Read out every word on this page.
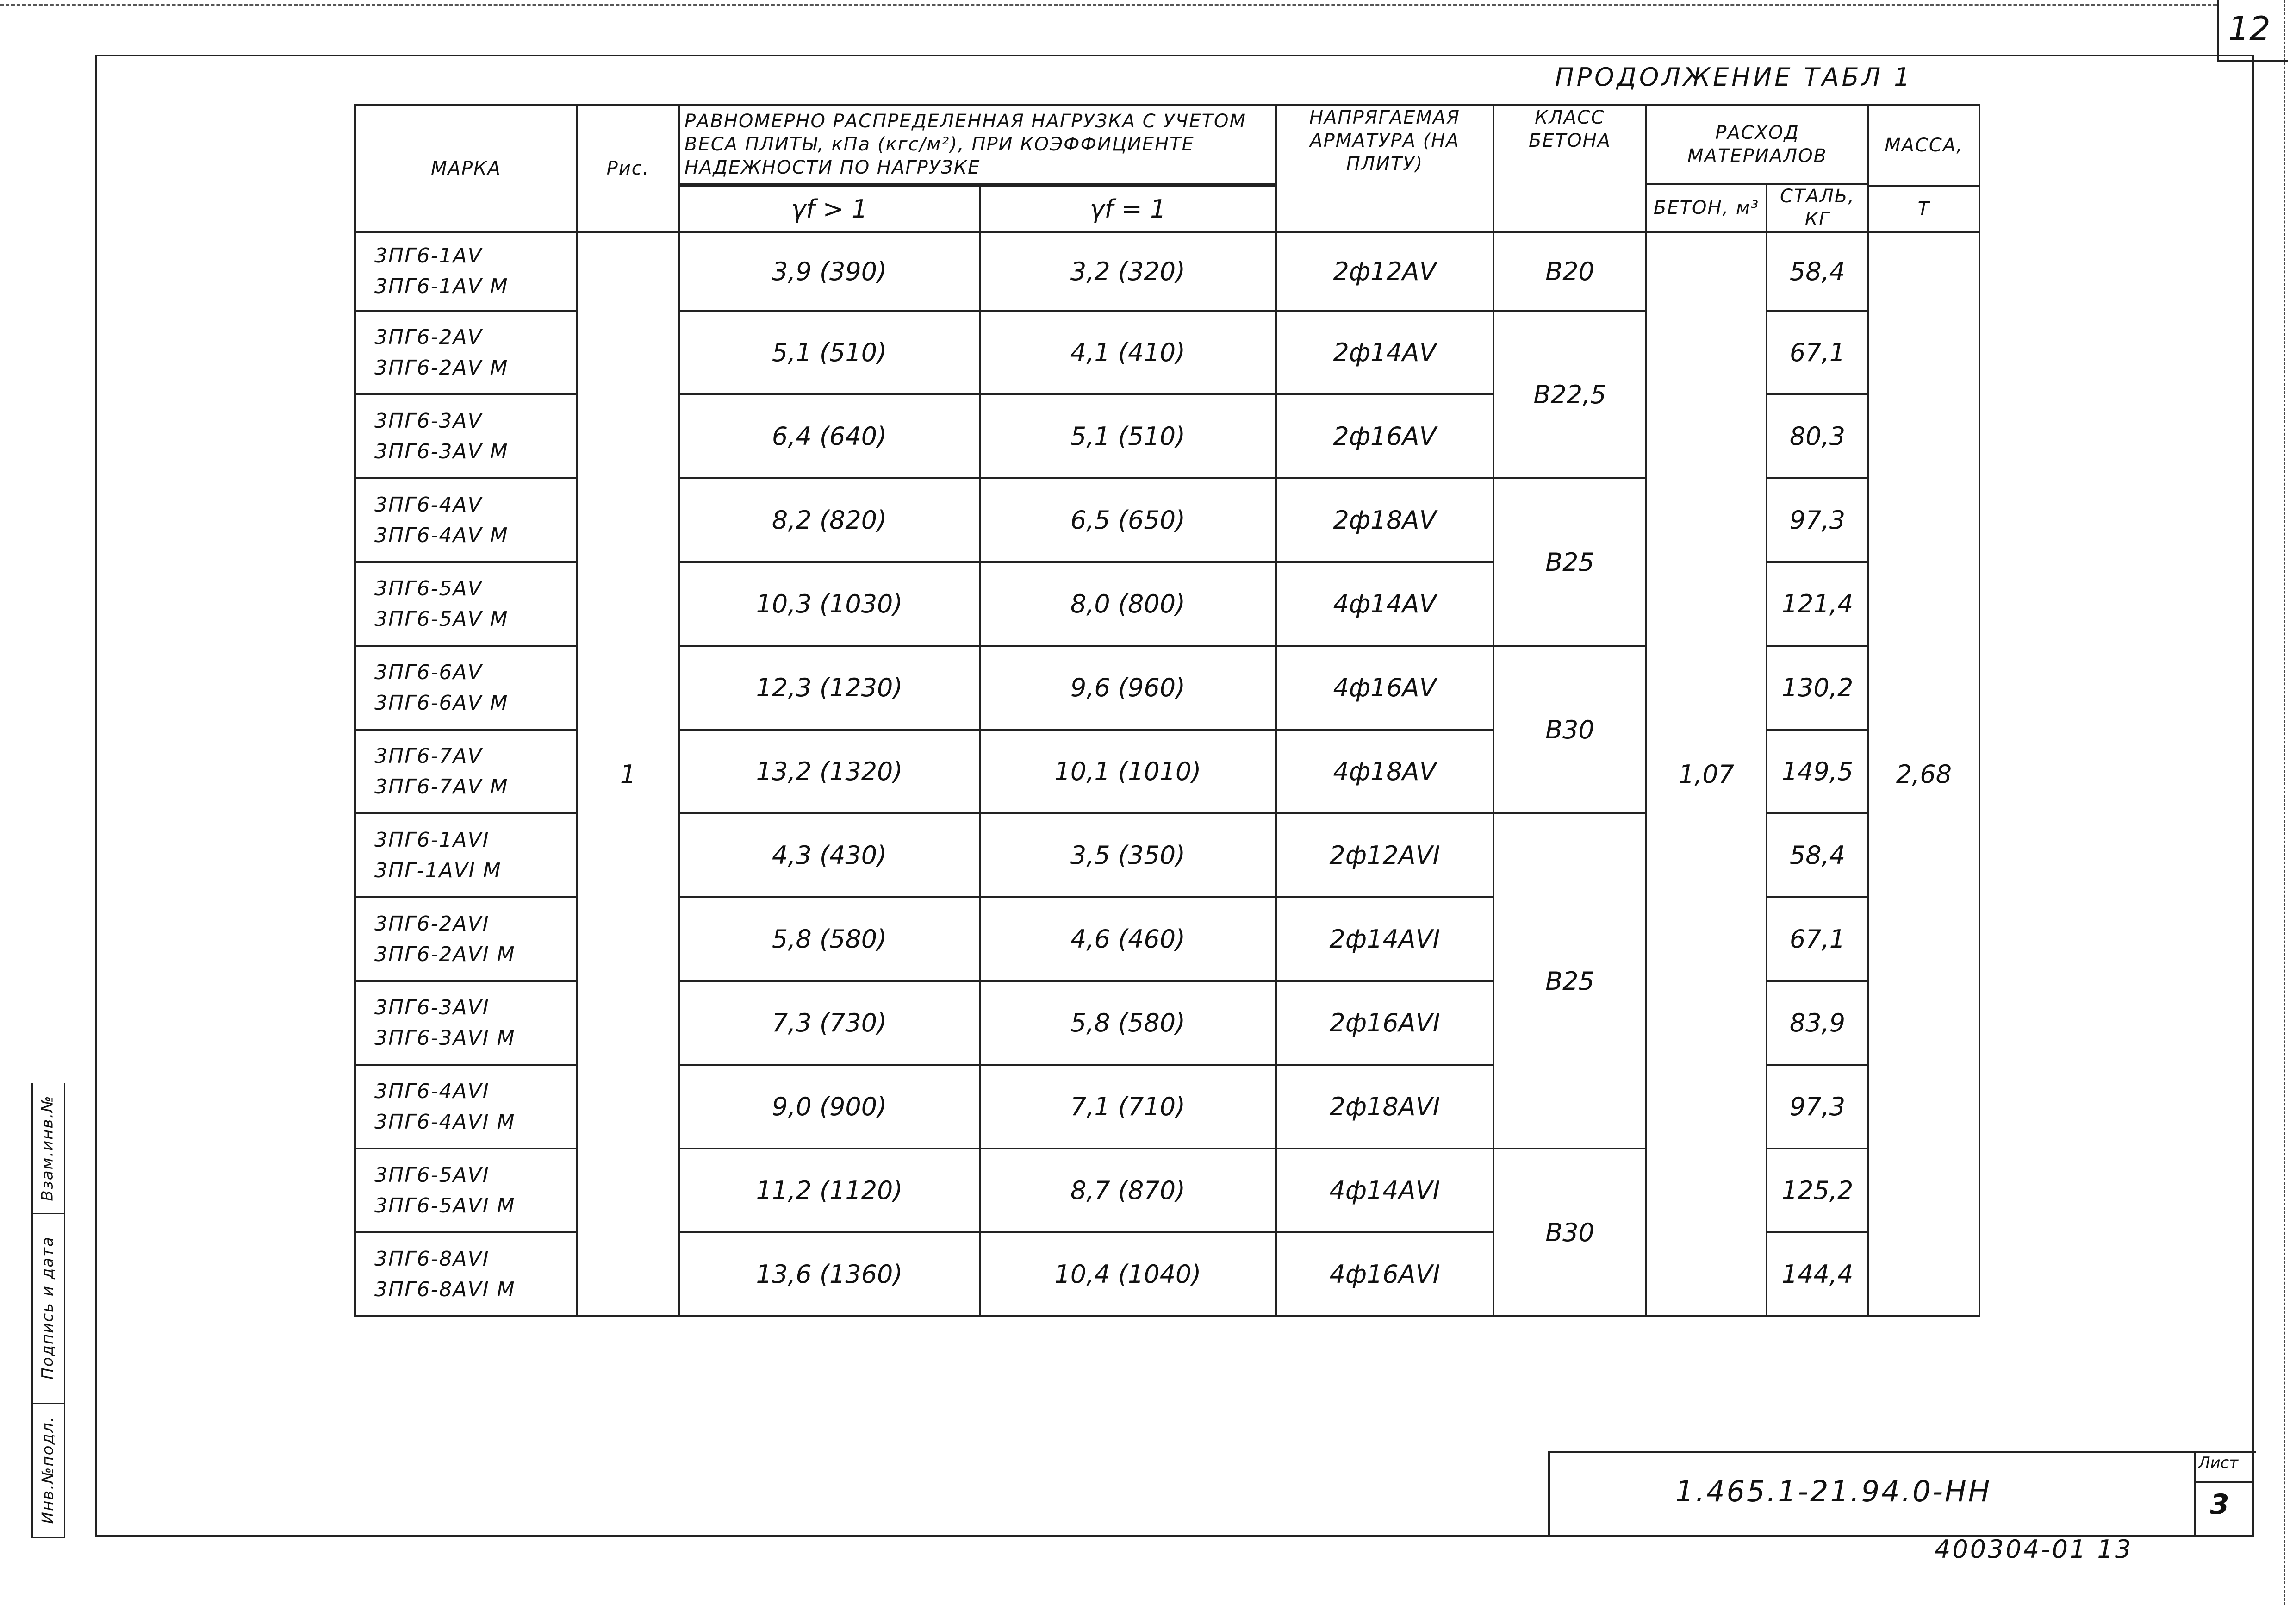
12
ПРОДОЛЖЕНИЕ ТАБЛ 1
МАРКА	Рис.	РАВНОМЕРНО РАСПРЕДЕЛЕННАЯ НАГРУЗКА С УЧЕТОМ ВЕСА ПЛИТЫ, кПа (кгс/м²), ПРИ КОЭФФИЦИЕНТЕ НАДЕЖНОСТИ ПО НАГРУЗКЕ		НАПРЯГАЕМАЯ АРМАТУРА (НА ПЛИТУ)	КЛАСС БЕТОНА	РАСХОД МАТЕРИАЛОВ		МАССА,
						БЕТОН, м³	СТАЛЬ, КГ	
		γf > 1	γf = 1					Т

3ПГ6-1АV
3ПГ6-1АV М	1	3,9 (390)	3,2 (320)	2ф12АV	В20	1,07	58,4	2,68

3ПГ6-2АV
3ПГ6-2АV М		5,1 (510)	4,1 (410)	2ф14АV	В22,5		67,1	

3ПГ6-3АV
3ПГ6-3АV М		6,4 (640)	5,1 (510)	2ф16АV			80,3	

3ПГ6-4АV
3ПГ6-4АV М		8,2 (820)	6,5 (650)	2ф18АV	В25		97,3	

3ПГ6-5АV
3ПГ6-5АV М		10,3 (1030)	8,0 (800)	4ф14АV			121,4	

3ПГ6-6АV
3ПГ6-6АV М		12,3 (1230)	9,6 (960)	4ф16АV	В30		130,2	

3ПГ6-7АV
3ПГ6-7АV М		13,2 (1320)	10,1 (1010)	4ф18АV			149,5	

3ПГ6-1АVI
3ПГ-1АVI М		4,3 (430)	3,5 (350)	2ф12АVI	В25		58,4	

3ПГ6-2АVI
3ПГ6-2АVI М		5,8 (580)	4,6 (460)	2ф14АVI			67,1	

3ПГ6-3АVI
3ПГ6-3АVI М		7,3 (730)	5,8 (580)	2ф16АVI			83,9	

3ПГ6-4АVI
3ПГ6-4АVI М		9,0 (900)	7,1 (710)	2ф18АVI			97,3	

3ПГ6-5АVI
3ПГ6-5АVI М		11,2 (1120)	8,7 (870)	4ф14АVI	В30		125,2	

3ПГ6-8АVI
3ПГ6-8АVI М		13,6 (1360)	10,4 (1040)	4ф16АVI			144,4	
1.465.1-21.94.0-НН
Лист
3
400304-01 13
Взам.инв.№
Подпись и дата
Инв.№подл.
